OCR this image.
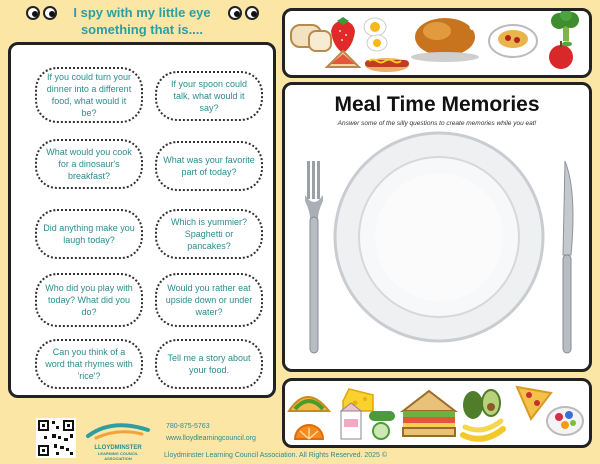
I spy with my little eye
something that is....
If you could turn your dinner into a different food, what would it be?
If your spoon could talk, what would it say?
What would you cook for a dinosaur's breakfast?
What was your favorite part of today?
Did anything make you laugh today?
Which is yummier? Spaghetti or pancakes?
Who did you play with today? What did you do?
Would you rather eat upside down or under water?
Can you think of a word that rhymes with 'rice'?
Tell me a story about your food.
Meal Time Memories
Answer some of the silly questions to create memories while you eat!
LLOYDMINSTER
LEARNING COUNCIL
ASSOCIATION
780-875-5763
www.lloydlearningcouncil.org
Lloydminster Learning Council Association. All Rights Reserved. 2025 ©
